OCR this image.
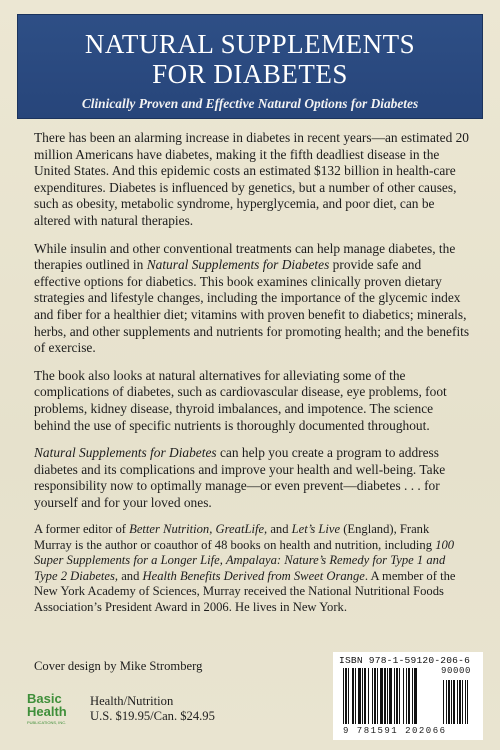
NATURAL SUPPLEMENTS
FOR DIABETES
Clinically Proven and Effective Natural Options for Diabetes

There has been an alarming increase in diabetes in recent years—an estimated 20 million Americans have diabetes, making it the fifth deadliest disease in the United States. And this epidemic costs an estimated $132 billion in health-care expenditures. Diabetes is influenced by genetics, but a number of other causes, such as obesity, metabolic syndrome, hyperglycemia, and poor diet, can be altered with natural therapies.

While insulin and other conventional treatments can help manage diabetes, the therapies outlined in Natural Supplements for Diabetes provide safe and effective options for diabetics. This book examines clinically proven dietary strategies and lifestyle changes, including the importance of the glycemic index and fiber for a healthier diet; vitamins with proven benefit to diabetics; minerals, herbs, and other supplements and nutrients for promoting health; and the benefits of exercise.

The book also looks at natural alternatives for alleviating some of the complications of diabetes, such as cardiovascular disease, eye problems, foot problems, kidney disease, thyroid imbalances, and impotence. The science behind the use of specific nutrients is thoroughly documented throughout.

Natural Supplements for Diabetes can help you create a program to address diabetes and its complications and improve your health and well-being. Take responsibility now to optimally manage—or even prevent—diabetes . . . for yourself and for your loved ones.

A former editor of Better Nutrition, GreatLife, and Let’s Live (England), Frank Murray is the author or coauthor of 48 books on health and nutrition, including 100 Super Supplements for a Longer Life, Ampalaya: Nature’s Remedy for Type 1 and Type 2 Diabetes, and Health Benefits Derived from Sweet Orange. A member of the New York Academy of Sciences, Murray received the National Nutritional Foods Association’s President Award in 2006. He lives in New York.

Cover design by Mike Stromberg
Basic
Health
PUBLICATIONS, INC.
Health/Nutrition
U.S. $19.95/Can. $24.95
ISBN 978-1-59120-206-6
90000
9 781591 202066
